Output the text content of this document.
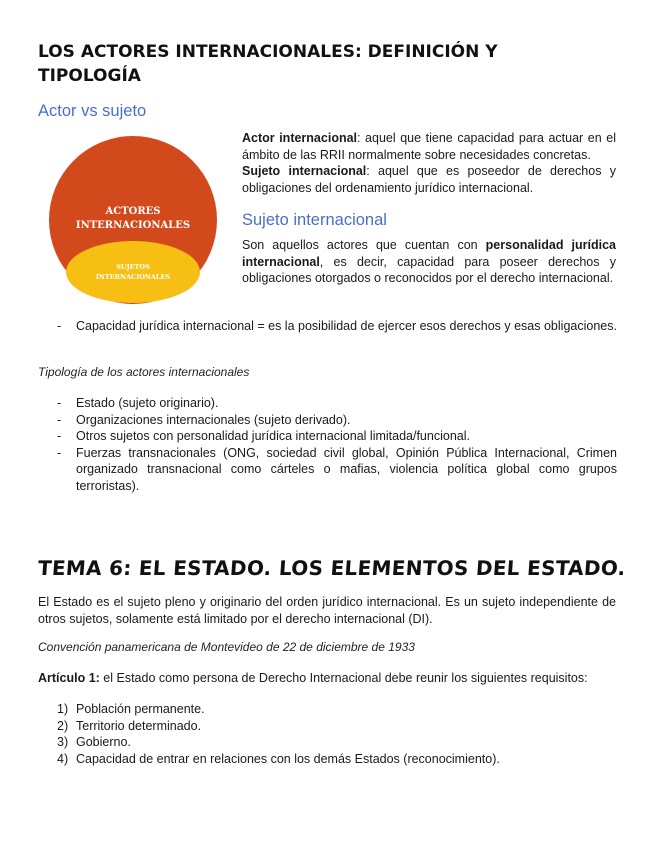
LOS ACTORES INTERNACIONALES: DEFINICIÓN Y
TIPOLOGÍA
Actor vs sujeto
ACTORES
INTERNACIONALES
SUJETOS
INTERNACIONALES

Actor internacional: aquel que tiene capacidad para actuar en el ámbito de las RRII normalmente sobre necesidades concretas.
Sujeto internacional: aquel que es poseedor de derechos y obligaciones del ordenamiento jurídico internacional.

Sujeto internacional

Son aquellos actores que cuentan con personalidad jurídica internacional, es decir, capacidad para poseer derechos y obligaciones otorgados o reconocidos por el derecho internacional.

- Capacidad jurídica internacional = es la posibilidad de ejercer esos derechos y esas obligaciones.

Tipología de los actores internacionales

- Estado (sujeto originario).
- Organizaciones internacionales (sujeto derivado).
- Otros sujetos con personalidad jurídica internacional limitada/funcional.
- Fuerzas transnacionales (ONG, sociedad civil global, Opinión Pública Internacional, Crimen organizado transnacional como cárteles o mafias, violencia política global como grupos terroristas).
TEMA 6: EL ESTADO. LOS ELEMENTOS DEL ESTADO.

El Estado es el sujeto pleno y originario del orden jurídico internacional. Es un sujeto independiente de otros sujetos, solamente está limitado por el derecho internacional (DI).

Convención panamericana de Montevideo de 22 de diciembre de 1933

Artículo 1: el Estado como persona de Derecho Internacional debe reunir los siguientes requisitos:

1) Población permanente.
2) Territorio determinado.
3) Gobierno.
4) Capacidad de entrar en relaciones con los demás Estados (reconocimiento).
